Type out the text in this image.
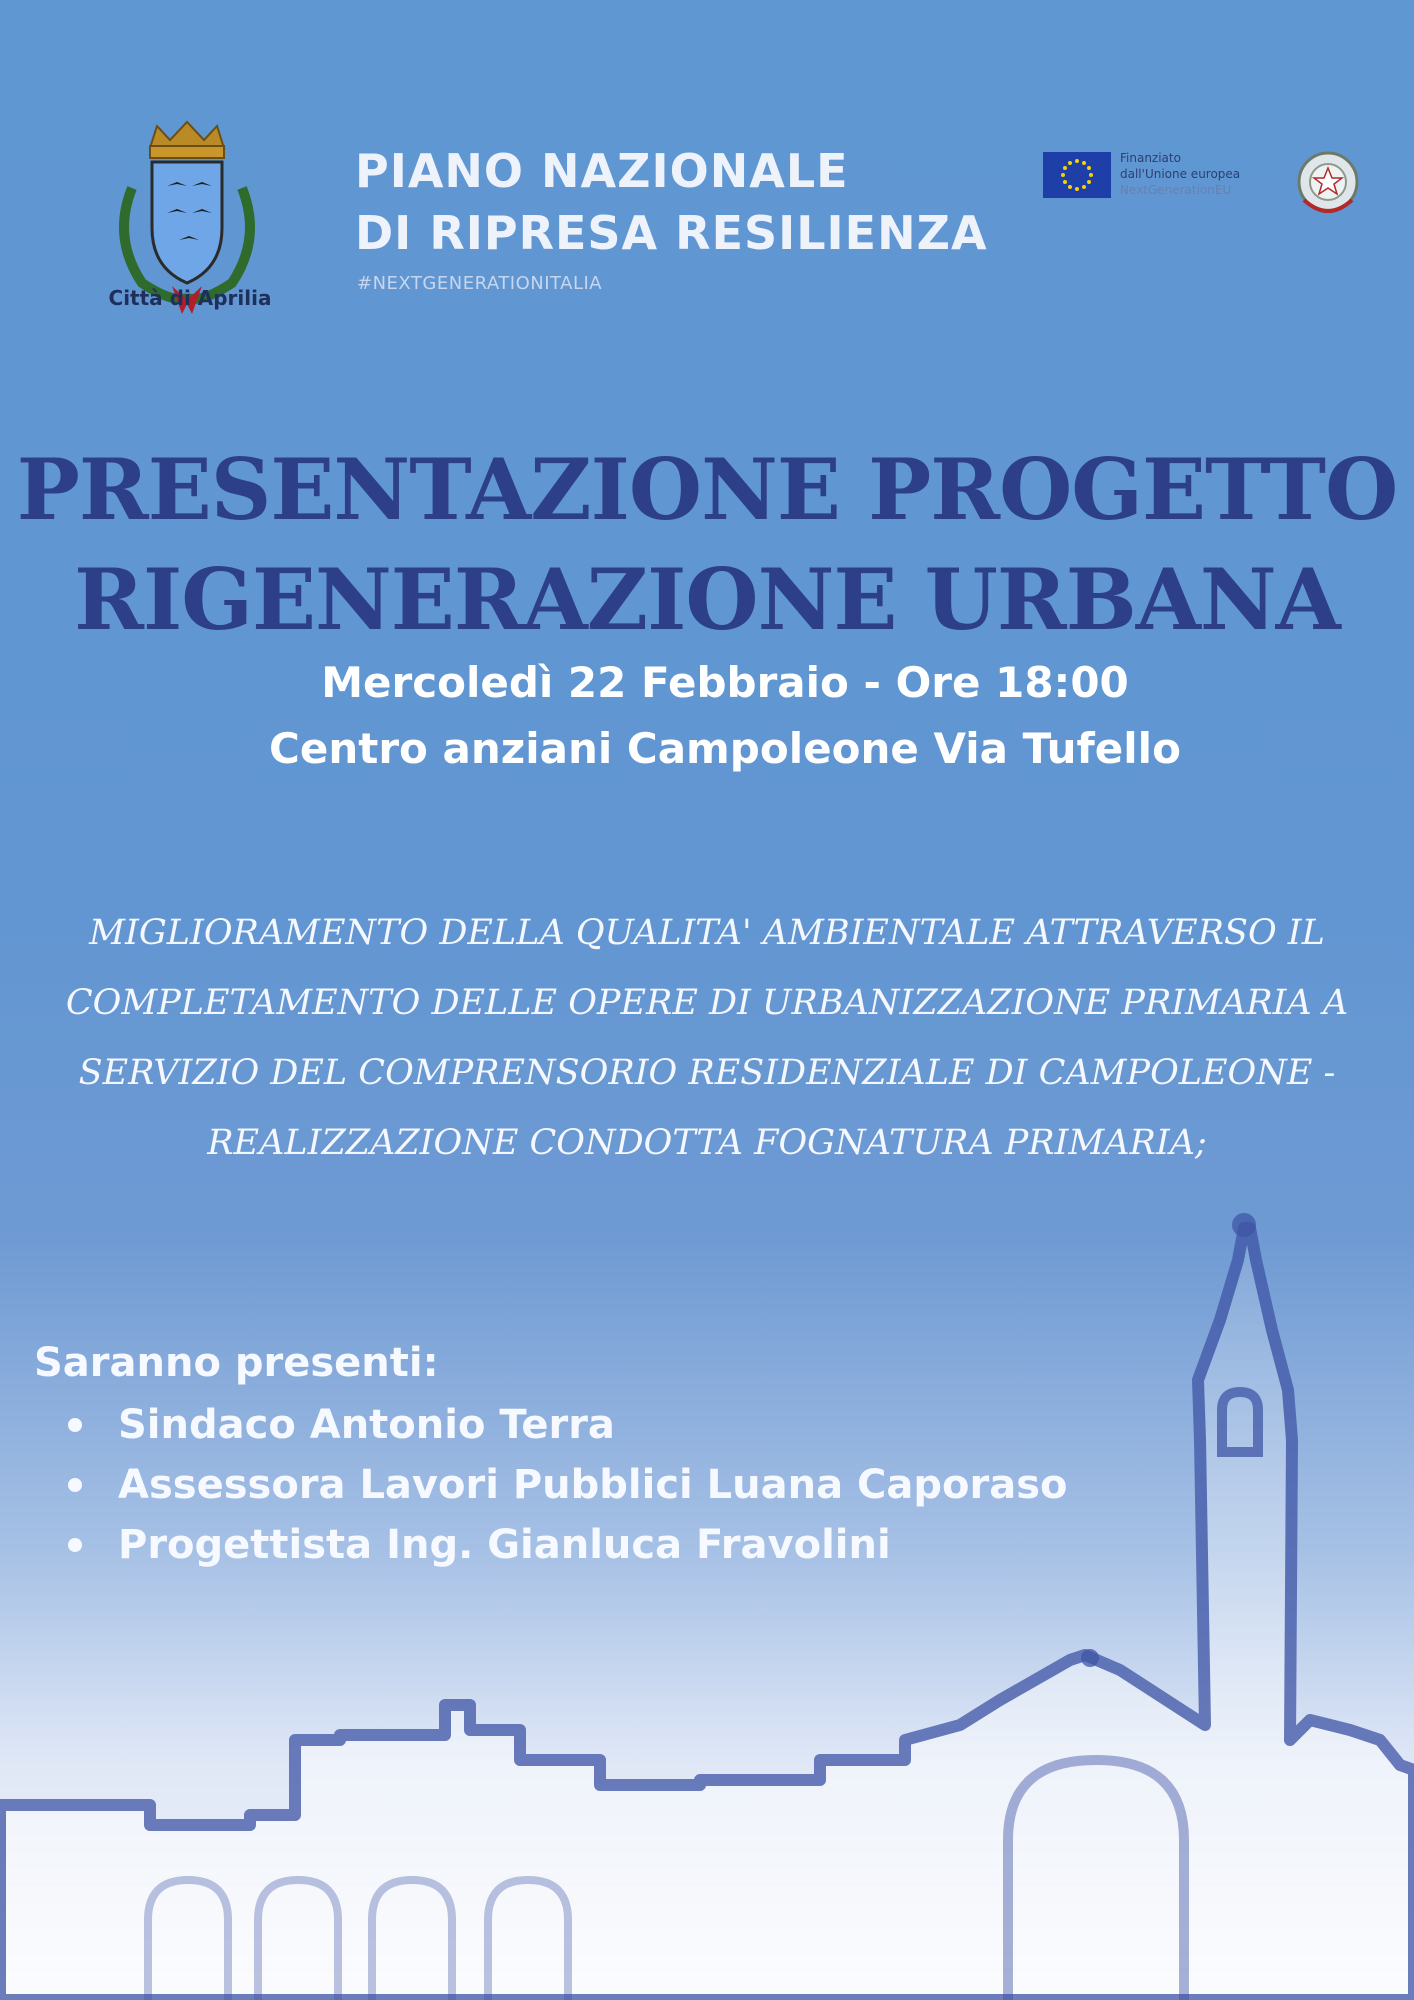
Città di Aprilia
PIANO NAZIONALE
DI RIPRESA RESILIENZA
#NEXTGENERATIONITALIA
Finanziato
dall'Unione europea
NextGenerationEU
PRESENTAZIONE PROGETTO
RIGENERAZIONE URBANA
Mercoledì 22 Febbraio - Ore 18:00
Centro anziani Campoleone Via Tufello
MIGLIORAMENTO DELLA QUALITA' AMBIENTALE ATTRAVERSO IL
COMPLETAMENTO DELLE OPERE DI URBANIZZAZIONE PRIMARIA A
SERVIZIO DEL COMPRENSORIO RESIDENZIALE DI CAMPOLEONE -
REALIZZAZIONE CONDOTTA FOGNATURA PRIMARIA;
Saranno presenti:
Sindaco Antonio Terra
Assessora Lavori Pubblici Luana Caporaso
Progettista Ing. Gianluca Fravolini
